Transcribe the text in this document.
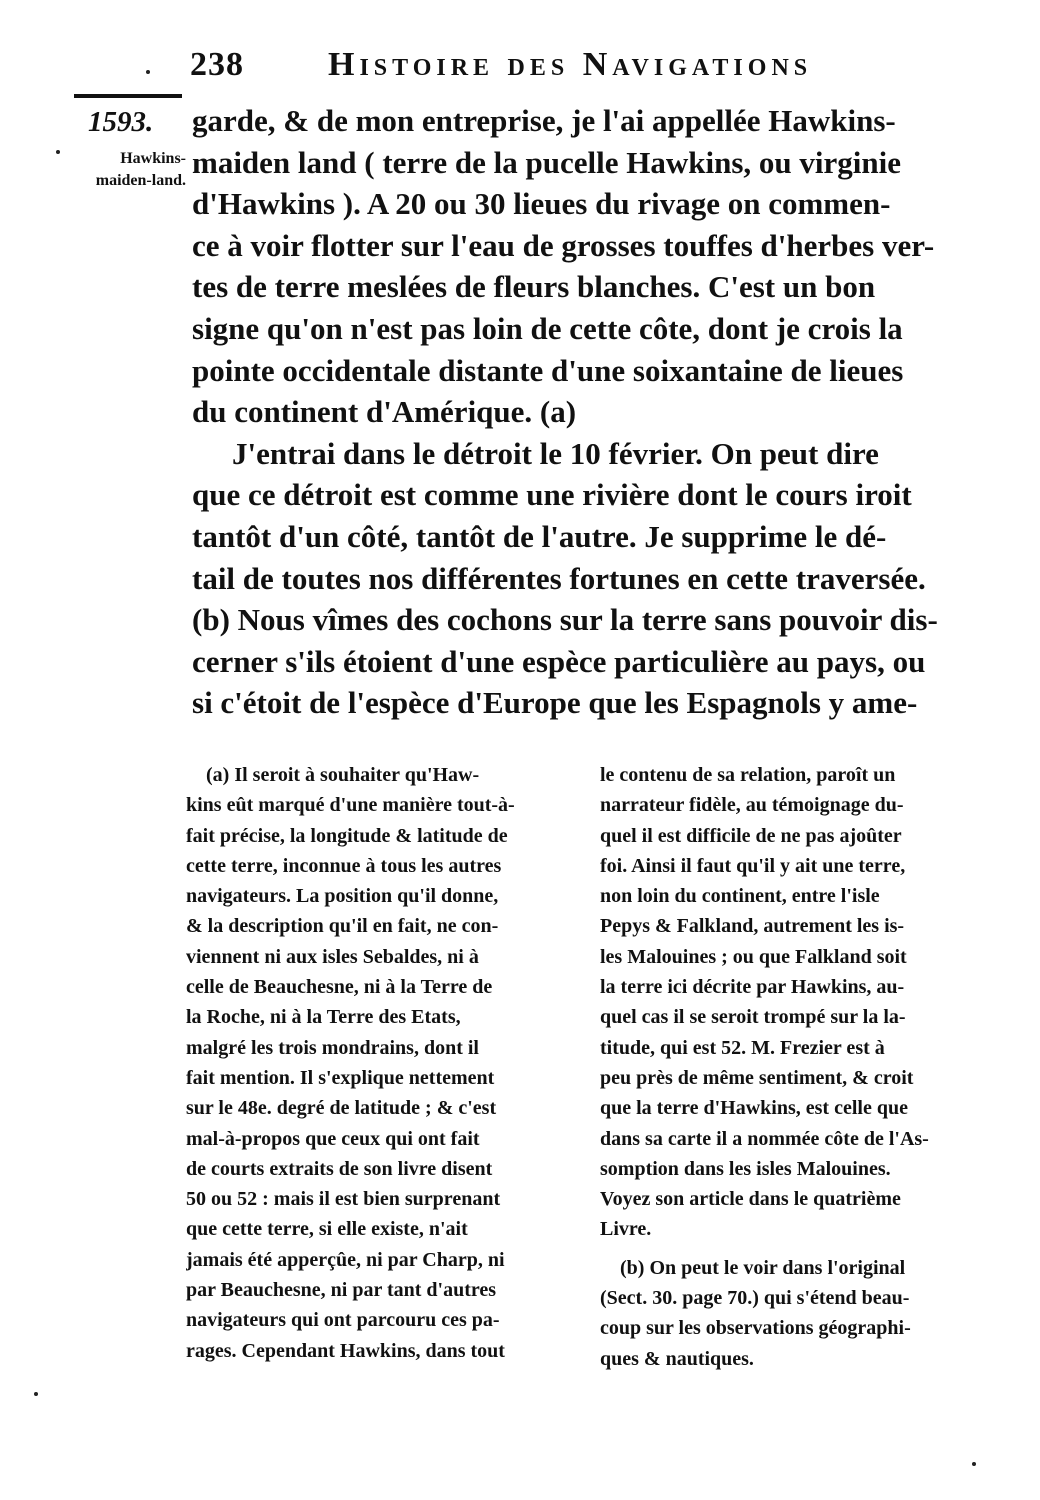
238 Histoire des Navigations
1593.
Hawkins-
maiden-land.
garde, & de mon entreprise, je l'ai appellée Hawkins-
maiden land ( terre de la pucelle Hawkins, ou virginie
d'Hawkins ). A 20 ou 30 lieues du rivage on commen-
ce à voir flotter sur l'eau de grosses touffes d'herbes ver-
tes de terre meslées de fleurs blanches. C'est un bon
signe qu'on n'est pas loin de cette côte, dont je crois la
pointe occidentale distante d'une soixantaine de lieues
du continent d'Amérique. (a)
J'entrai dans le détroit le 10 février. On peut dire
que ce détroit est comme une rivière dont le cours iroit
tantôt d'un côté, tantôt de l'autre. Je supprime le dé-
tail de toutes nos différentes fortunes en cette traversée.
(b) Nous vîmes des cochons sur la terre sans pouvoir dis-
cerner s'ils étoient d'une espèce particulière au pays, ou
si c'étoit de l'espèce d'Europe que les Espagnols y ame-
(a) Il seroit à souhaiter qu'Haw-
kins eût marqué d'une manière tout-à-
fait précise, la longitude & latitude de
cette terre, inconnue à tous les autres
navigateurs. La position qu'il donne,
& la description qu'il en fait, ne con-
viennent ni aux isles Sebaldes, ni à
celle de Beauchesne, ni à la Terre de
la Roche, ni à la Terre des Etats,
malgré les trois mondrains, dont il
fait mention. Il s'explique nettement
sur le 48e. degré de latitude ; & c'est
mal-à-propos que ceux qui ont fait
de courts extraits de son livre disent
50 ou 52 : mais il est bien surprenant
que cette terre, si elle existe, n'ait
jamais été apperçûe, ni par Charp, ni
par Beauchesne, ni par tant d'autres
navigateurs qui ont parcouru ces pa-
rages. Cependant Hawkins, dans tout
le contenu de sa relation, paroît un
narrateur fidèle, au témoignage du-
quel il est difficile de ne pas ajoûter
foi. Ainsi il faut qu'il y ait une terre,
non loin du continent, entre l'isle
Pepys & Falkland, autrement les is-
les Malouines ; ou que Falkland soit
la terre ici décrite par Hawkins, au-
quel cas il se seroit trompé sur la la-
titude, qui est 52. M. Frezier est à
peu près de même sentiment, & croit
que la terre d'Hawkins, est celle que
dans sa carte il a nommée côte de l'As-
somption dans les isles Malouines.
Voyez son article dans le quatrième
Livre.
(b) On peut le voir dans l'original
(Sect. 30. page 70.) qui s'étend beau-
coup sur les observations géographi-
ques & nautiques.
